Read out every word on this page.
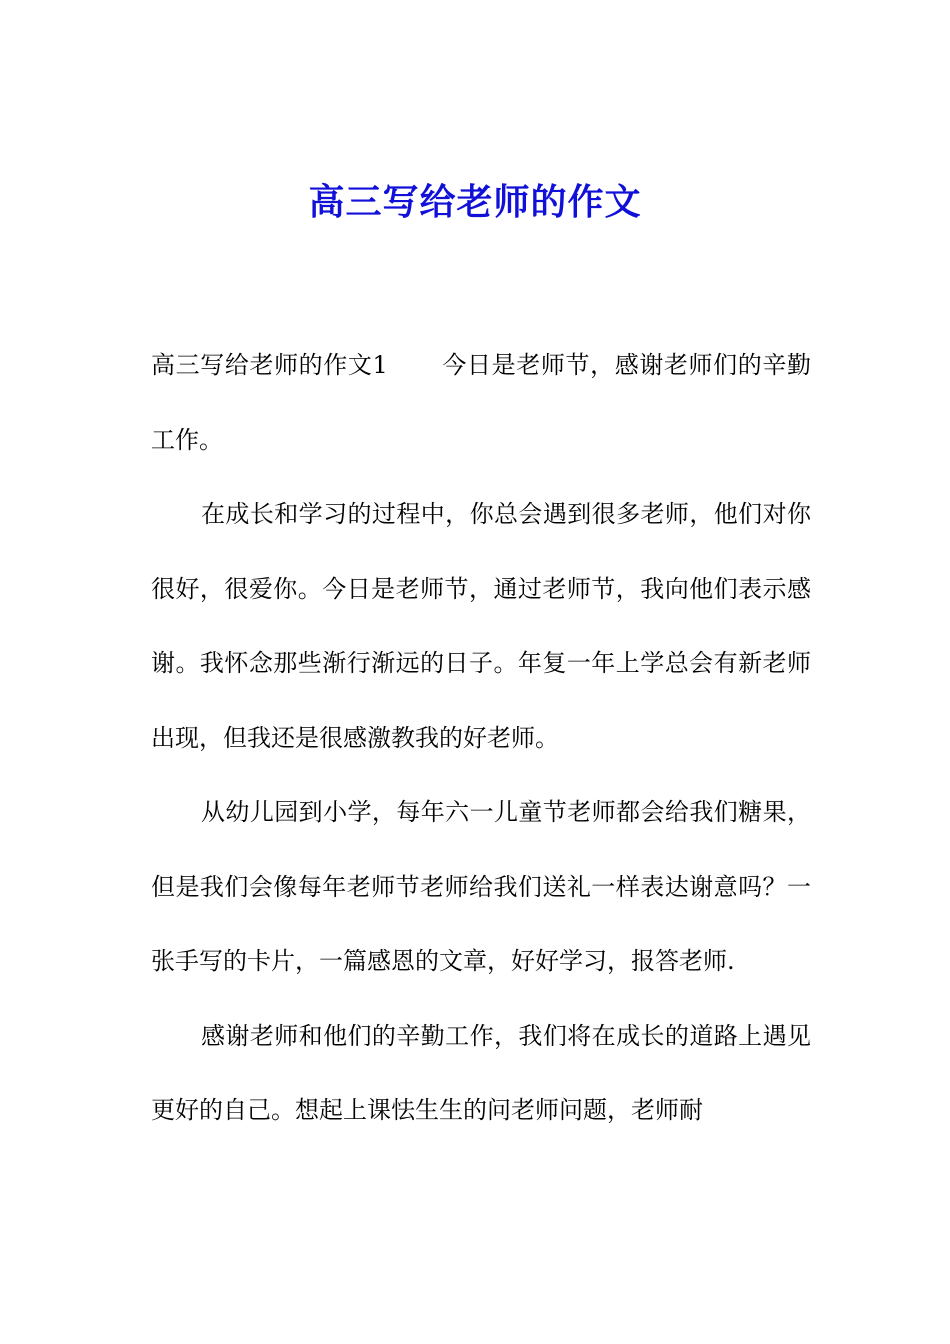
高三写给老师的作文

高三写给老师的作文1 今日是老师节，感谢老师们的辛勤工作。

在成长和学习的过程中，你总会遇到很多老师，他们对你很好，很爱你。今日是老师节，通过老师节，我向他们表示感谢。我怀念那些渐行渐远的日子。年复一年上学总会有新老师出现，但我还是很感激教我的好老师。

从幼儿园到小学，每年六一儿童节老师都会给我们糖果，但是我们会像每年老师节老师给我们送礼一样表达谢意吗？一张手写的卡片，一篇感恩的文章，好好学习，报答老师.

感谢老师和他们的辛勤工作，我们将在成长的道路上遇见更好的自己。想起上课怯生生的问老师问题，老师耐
